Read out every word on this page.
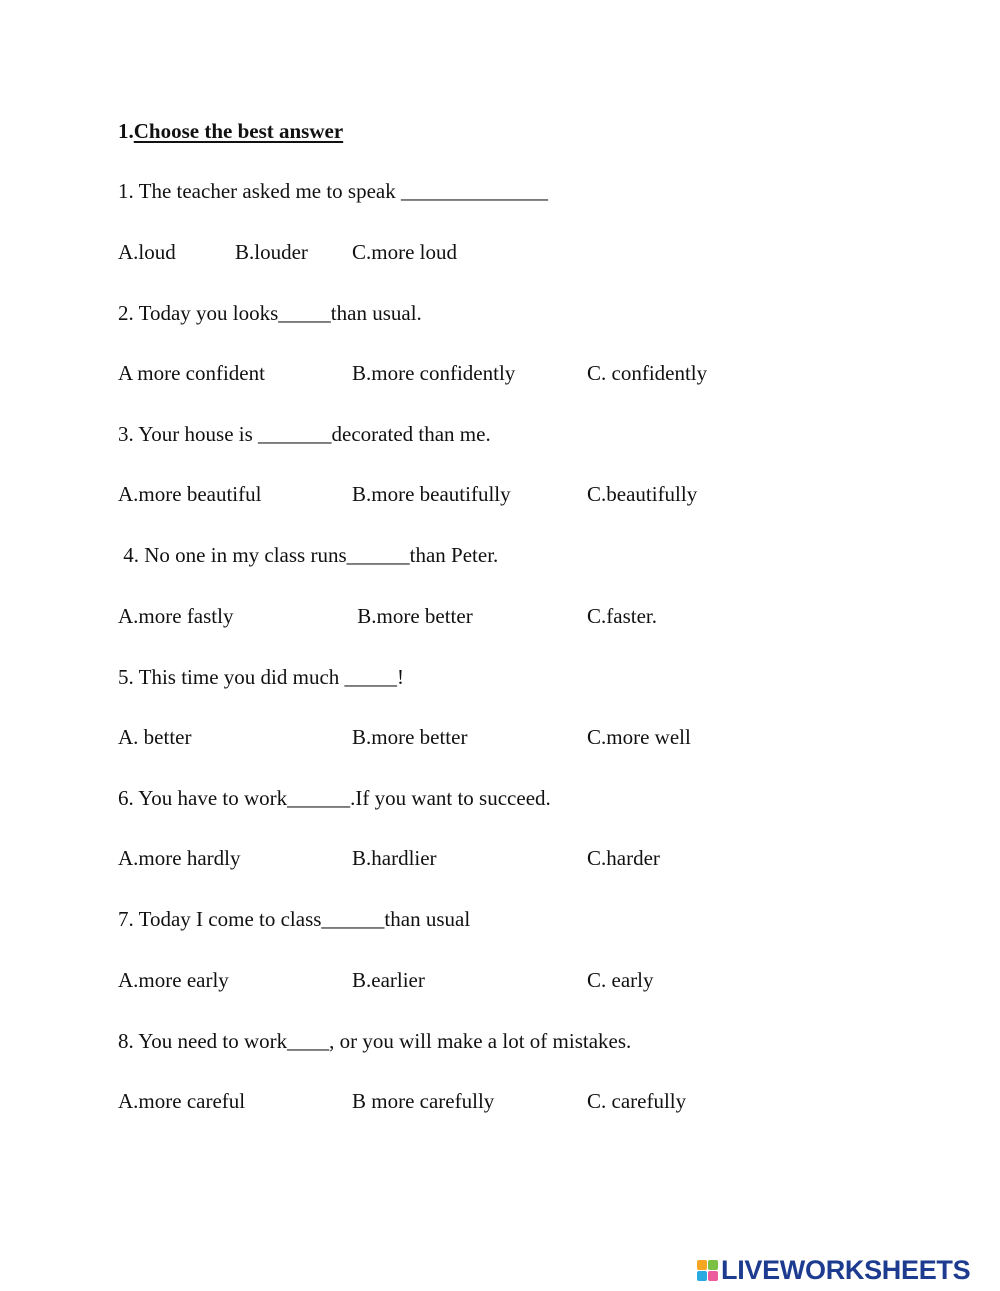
1.Choose the best answer
1. The teacher asked me to speak ______________
A.loud	B.louder C.more loud
2. Today you looks_____than usual.
A more confident	B.more confidently	C. confidently
3. Your house is _______decorated than me.
A.more beautiful	B.more beautifully	C.beautifully
4. No one in my class runs______than Peter.
A.more fastly	B.more better	C.faster.
5. This time you did much _____!
A. better	B.more better	C.more well
6. You have to work______.If you want to succeed.
A.more hardly	B.hardlier	C.harder
7. Today I come to class______than usual
A.more early	B.earlier	C. early
8. You need to work____, or you will make a lot of mistakes.
A.more careful	B more carefully	C. carefully
LIVEWORKSHEETS
